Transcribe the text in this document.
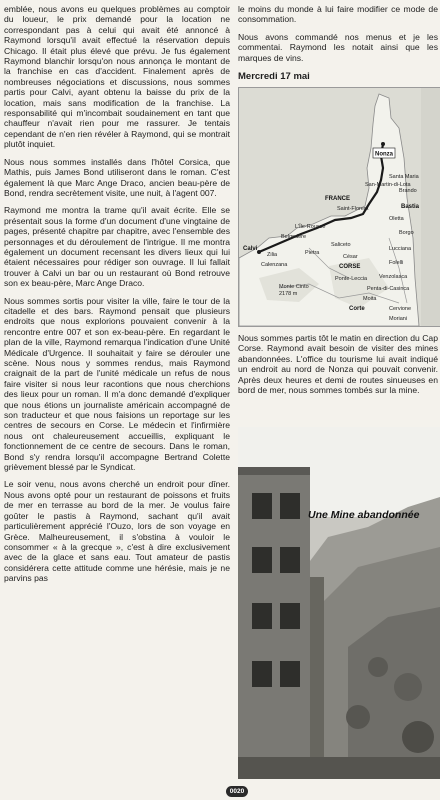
emblée, nous avons eu quelques problèmes au comptoir du loueur, le prix demandé pour la location ne correspondant pas à celui qui avait été annoncé à Raymond lorsqu'il avait effectué la réservation depuis Chicago. Il était plus élevé que prévu. Je fus également Raymond blanchir lorsqu'on nous annonça le montant de la franchise en cas d'accident. Finalement après de nombreuses négociations et discussions, nous sommes partis pour Calvi, ayant obtenu la baisse du prix de la location, mais sans modification de la franchise. La responsabilité qui m'incombait soudainement en tant que chauffeur n'avait rien pour me rassurer. Je tentais cependant de n'en rien révéler à Raymond, qui se montrait plutôt inquiet.

Nous nous sommes installés dans l'hôtel Corsica, que Mathis, puis James Bond utiliseront dans le roman. C'est également là que Marc Ange Draco, ancien beau-père de Bond, rendra secrètement visite, une nuit, à l'agent 007.

Raymond me montra la trame qu'il avait écrite. Elle se présentait sous la forme d'un document d'une vingtaine de pages, présenté chapitre par chapitre, avec l'ensemble des personnages et du déroulement de l'intrigue. Il me montra également un document recensant les divers lieux qui lui étaient nécessaires pour rédiger son ouvrage. Il lui fallait trouver à Calvi un bar ou un restaurant où Bond retrouve son ex beau-père, Marc Ange Draco.

Nous sommes sortis pour visiter la ville, faire le tour de la citadelle et des bars. Raymond pensait que plusieurs endroits que nous explorions pouvaient convenir à la rencontre entre 007 et son ex-beau-père. En regardant le plan de la ville, Raymond remarqua l'indication d'une Unité Médicale d'Urgence. Il souhaitait y faire se dérouler une scène. Nous nous y sommes rendus, mais Raymond craignait de la part de l'unité médicale un refus de nous faire visiter si nous leur racontions que nous cherchions des lieux pour un roman. Il m'a donc demandé d'expliquer que nous étions un journaliste américain accompagné de son traducteur et que nous faisions un reportage sur les centres de secours en Corse. Le médecin et l'infirmière nous ont chaleureusement accueillis, expliquant le fonctionnement de ce centre de secours. Dans le roman, Bond s'y rendra lorsqu'il accompagne Bertrand Colette grièvement blessé par le Syndicat.

Le soir venu, nous avons cherché un endroit pour dîner. Nous avons opté pour un restaurant de poissons et fruits de mer en terrasse au bord de la mer. Je voulus faire goûter le pastis à Raymond, sachant qu'il avait particulièrement apprécié l'Ouzo, lors de son voyage en Grèce. Malheureusement, il s'obstina à vouloir le consommer « à la grecque », c'est à dire exclusivement avec de la glace et sans eau. Tout amateur de pastis considérera cette attitude comme une hérésie, mais je ne parvins pas

le moins du monde à lui faire modifier ce mode de consommation.

Nous avons commandé nos menus et je les commentai. Raymond les notait ainsi que les marques de vins.

Mercredi 17 mai
Nonza
Santa Maria
San-Martin-di-Lota
Brando
Saint-Florent	Bastia
FRANCE
Oletta
L'Île-Rousse
Borgo
Belgodère
Calvi
Zilia	Pietra
Lucciana
Calenzana
Saliceto
César
CORSE
Folelli
Ponte-Leccia Venzolasca
Monte Cinto
2178 m
Penta-di-Casinca
Moita
Corte	Cervione
Moriani

Nous sommes partis tôt le matin en direction du Cap Corse. Raymond avait besoin de visiter des mines abandonnées. L'office du tourisme lui avait indiqué un endroit au nord de Nonza qui pouvait convenir. Après deux heures et demi de routes sinueuses en bord de mer, nous sommes tombés sur la mine.

Une Mine abandonnée
0020
